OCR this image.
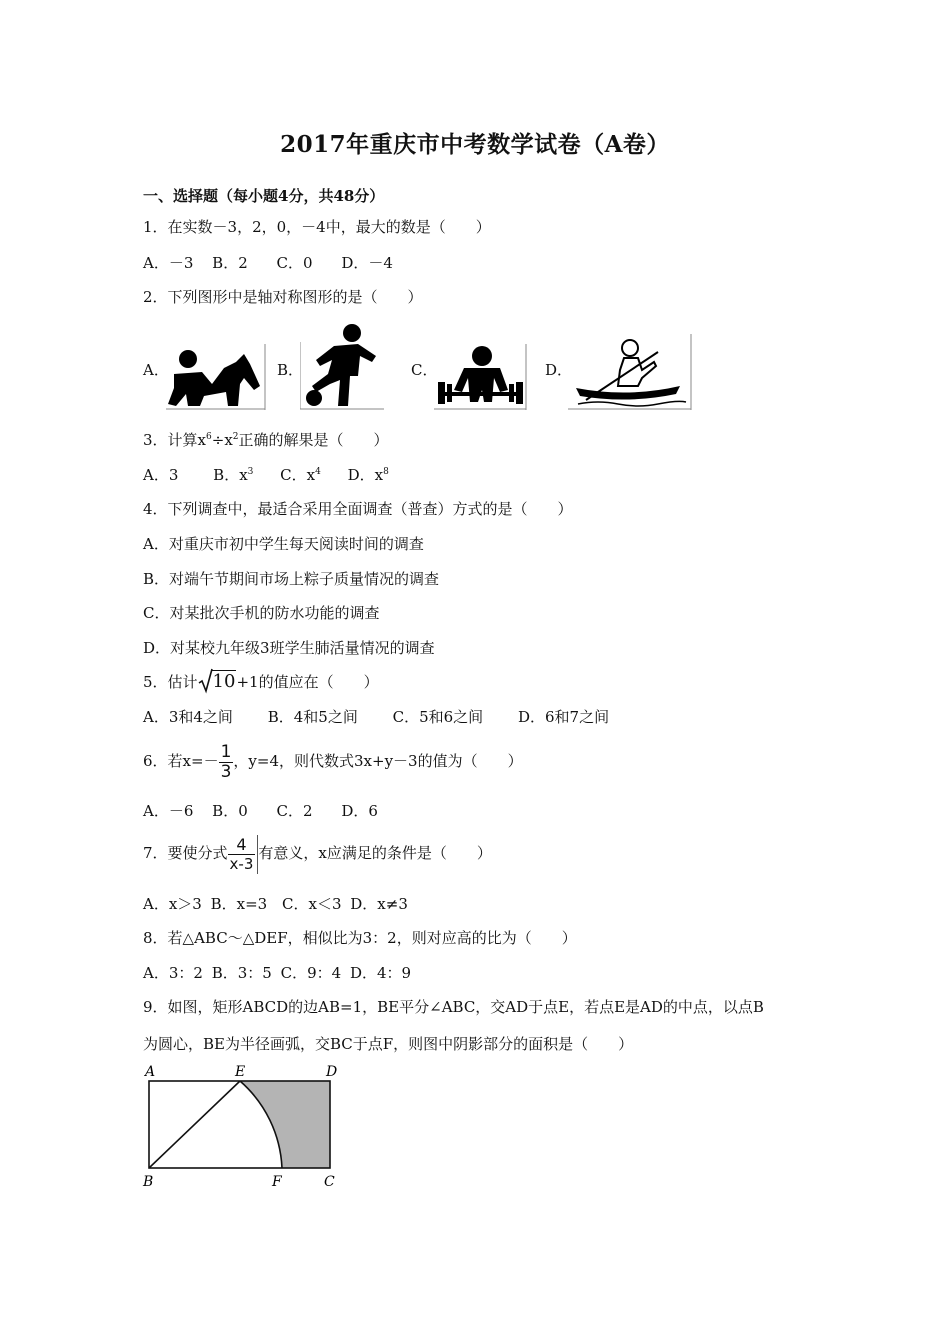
2017年重庆市中考数学试卷（A卷）
一、选择题（每小题4分，共48分）
1．在实数－3，2，0，－4中，最大的数是（　　）
A．－3 B．2 C．0 D．－4
2．下列图形中是轴对称图形的是（　　）
A．	B．	C．	D．
3．计算$x^6\div x^2$正确的解果是（　　）
A．3 B．$x^3$ C．$x^4$ D．$x^8$
4．下列调查中，最适合采用全面调查（普查）方式的是（　　）
A．对重庆市初中学生每天阅读时间的调查
B．对端午节期间市场上粽子质量情况的调查
C．对某批次手机的防水功能的调查
D．对某校九年级3班学生肺活量情况的调查
5．估计 10+1的值应在（　　）
A．3和4之间 B．4和5之间 C．5和6之间 D．6和7之间
6．若$x=- \frac{1}{3}$ ，y=4，则代数式3x+y－3的值为（　　）
A．－6 B．0 C．2 D．6
7．要使分式 $\frac{4}{x-3}$ 有意义，x应满足的条件是（　　）
A．x＞3 B．x=3 C．x＜3 D．x≠3
8．若△ABC～△DEF，相似比为3：2，则对应高的比为（　　）
A．3：2 B．3：5 C．9：4 D．4：9
9．如图，矩形ABCD的边AB=1，BE平分∠ABC，交AD于点E，若点E是AD的中点，以点B
为圆心，BE为半径画弧，交BC于点F，则图中阴影部分的面积是（　　）
A	E	D
B	F	C
